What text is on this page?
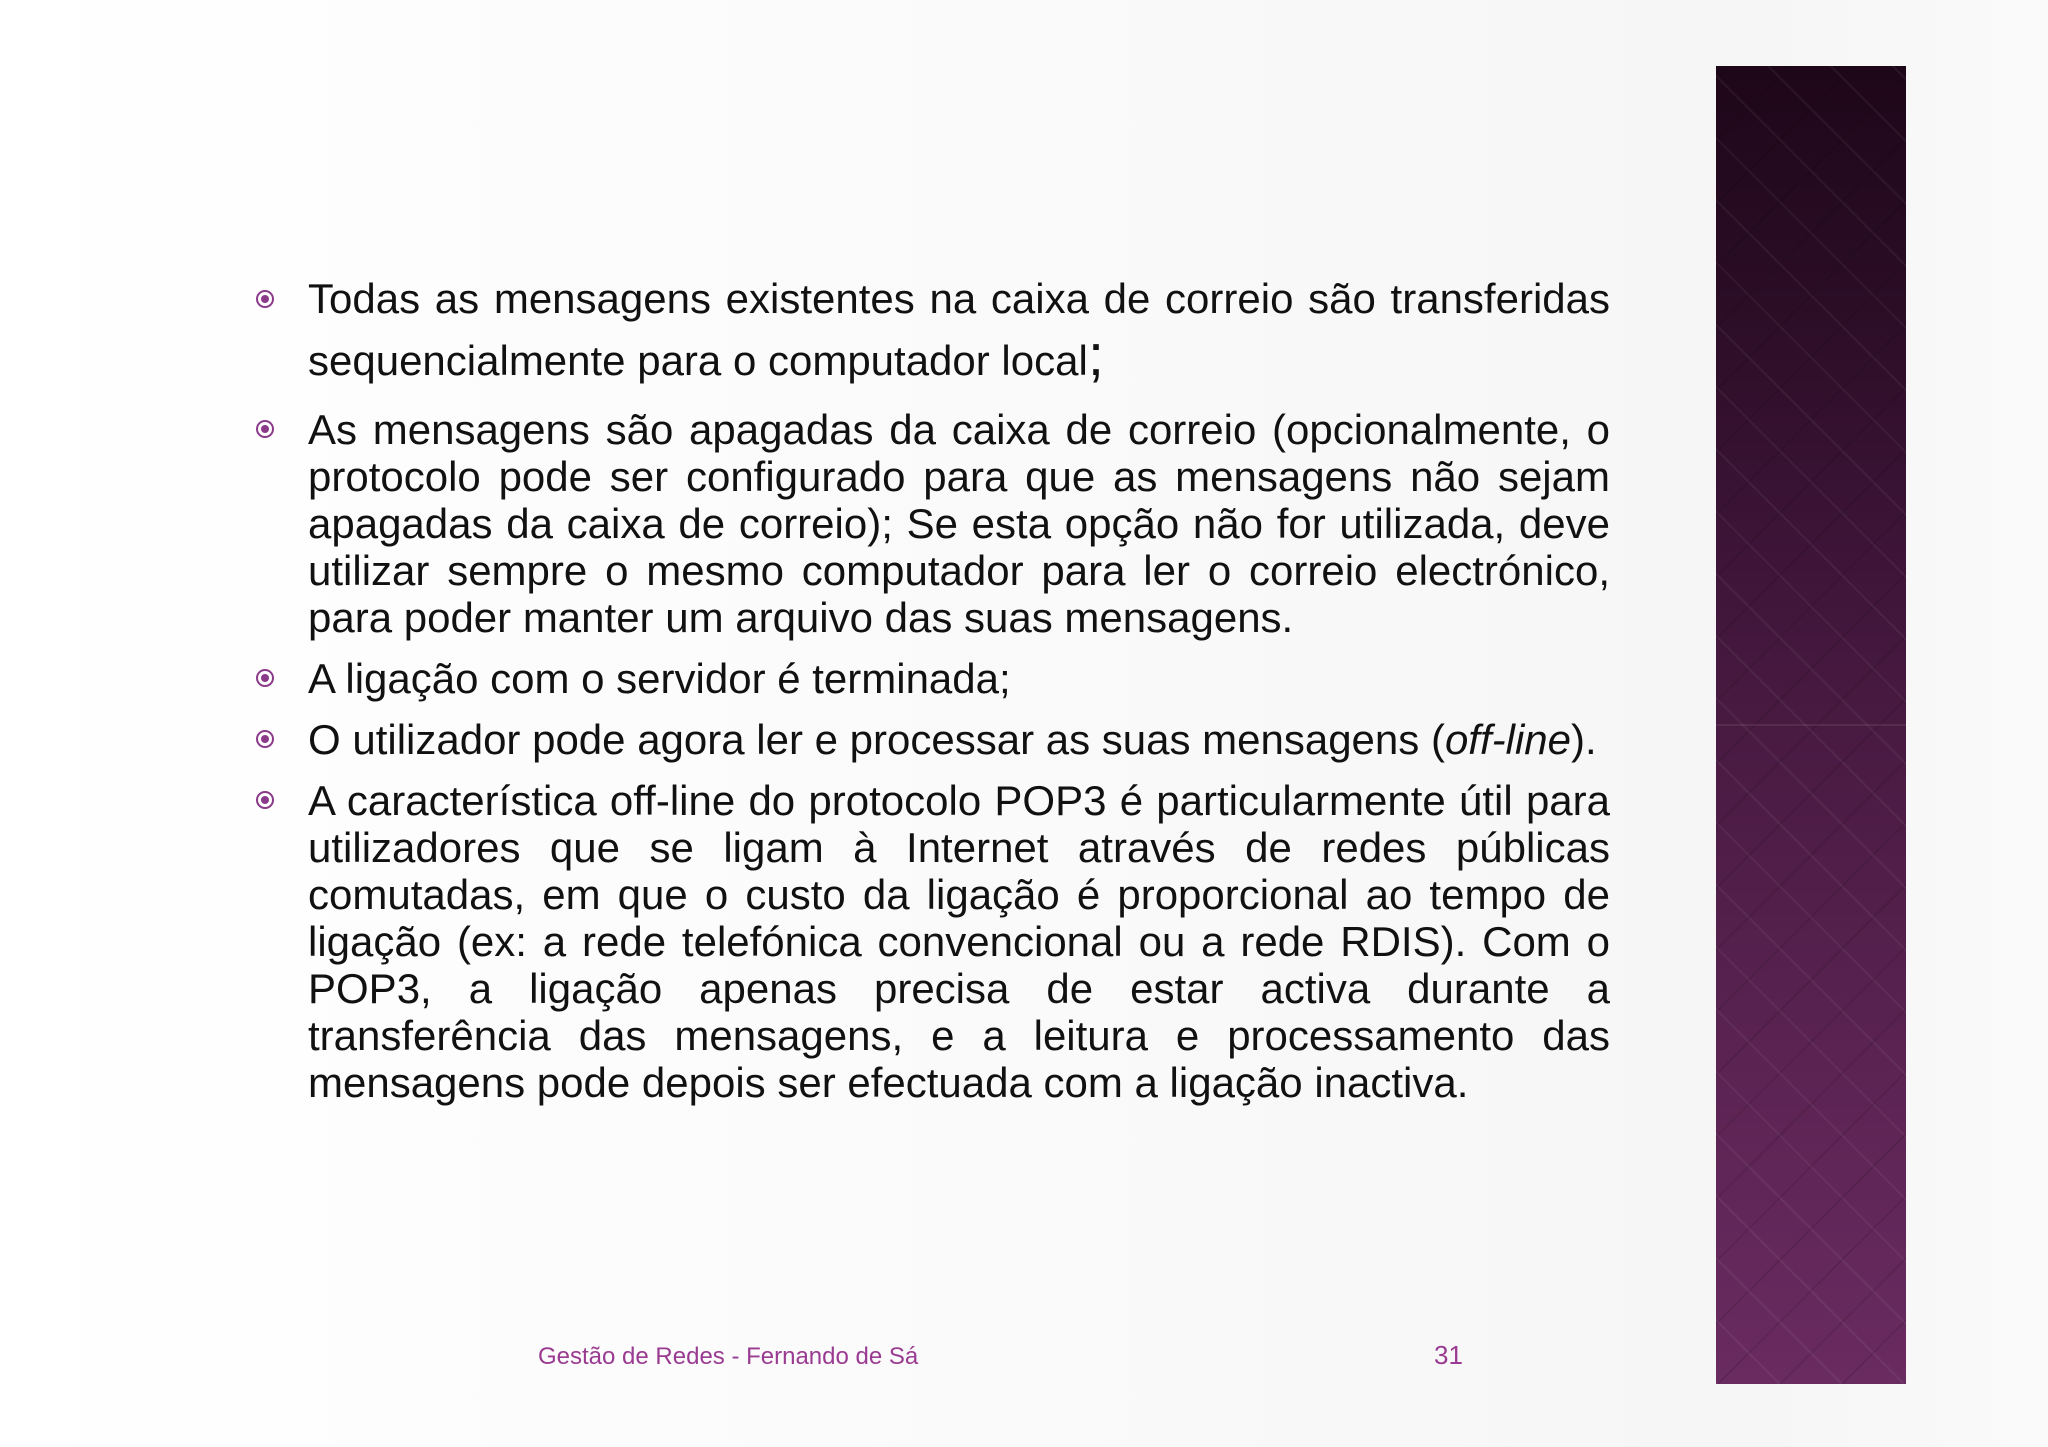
Todas as mensagens existentes na caixa de correio são transferidas sequencialmente para o computador local;
As mensagens são apagadas da caixa de correio (opcionalmente, o protocolo pode ser configurado para que as mensagens não sejam apagadas da caixa de correio); Se esta opção não for utilizada, deve utilizar sempre o mesmo computador para ler o correio electrónico, para poder manter um arquivo das suas mensagens.
A ligação com o servidor é terminada;
O utilizador pode agora ler e processar as suas mensagens (off-line).
A característica off-line do protocolo POP3 é particularmente útil para utilizadores que se ligam à Internet através de redes públicas comutadas, em que o custo da ligação é proporcional ao tempo de ligação (ex: a rede telefónica convencional ou a rede RDIS). Com o POP3, a ligação apenas precisa de estar activa durante a transferência das mensagens, e a leitura e processamento das mensagens pode depois ser efectuada com a ligação inactiva.
Gestão de Redes - Fernando de Sá	31
